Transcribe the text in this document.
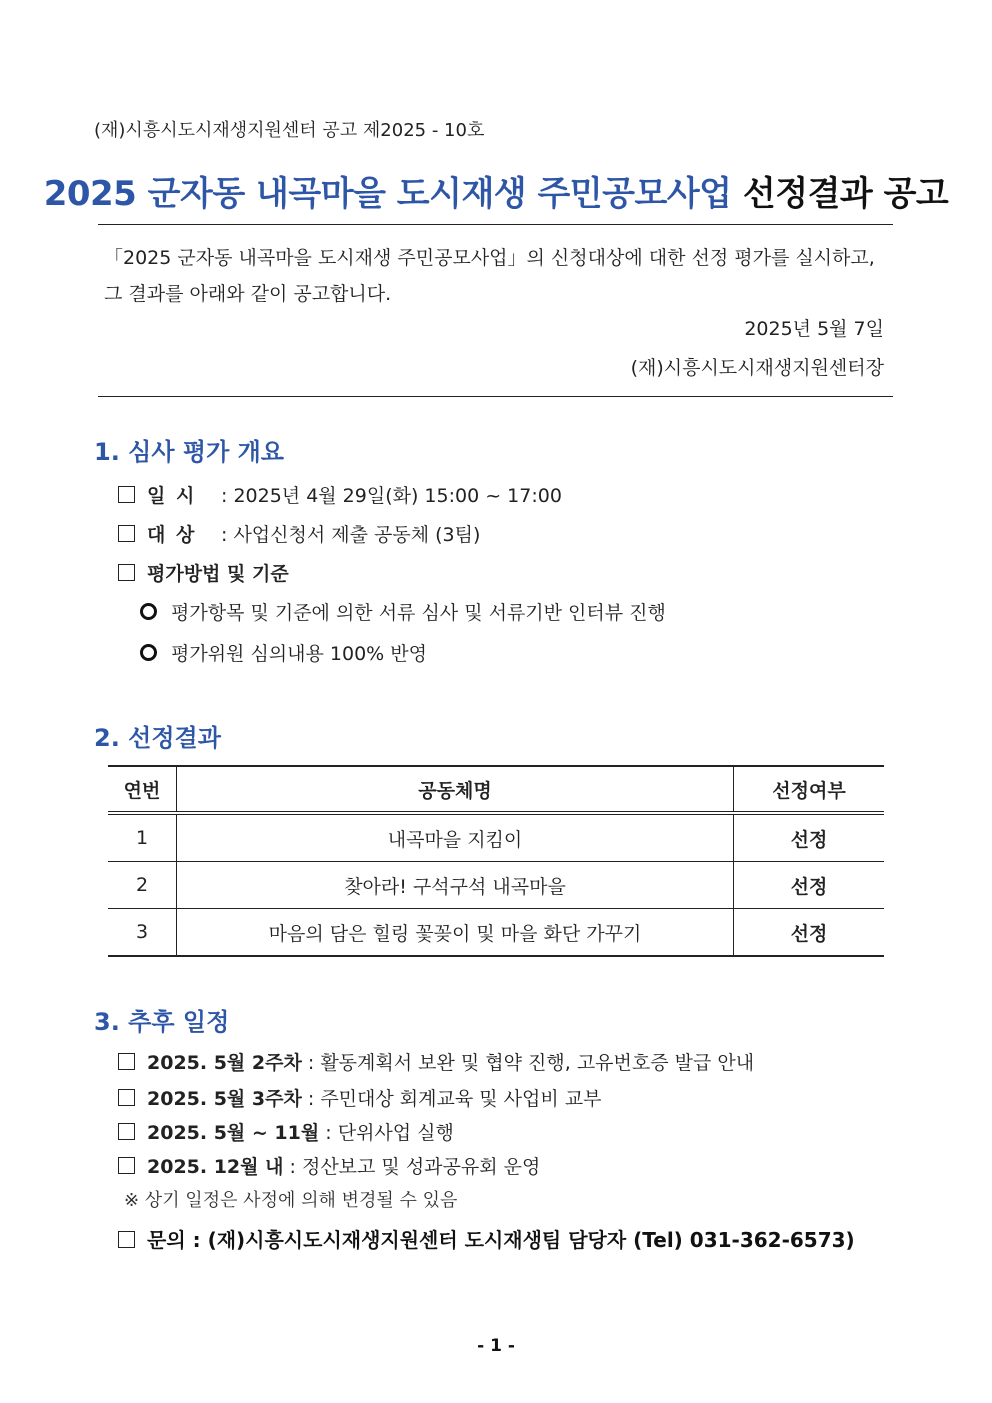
(재)시흥시도시재생지원센터 공고 제2025 - 10호
2025 군자동 내곡마을 도시재생 주민공모사업 선정결과 공고
「2025 군자동 내곡마을 도시재생 주민공모사업」의 신청대상에 대한 선정 평가를 실시하고, 그 결과를 아래와 같이 공고합니다.
2025년 5월 7일
(재)시흥시도시재생지원센터장
1. 심사 평가 개요
일 시 : 2025년 4월 29일(화) 15:00 ~ 17:00
대 상 : 사업신청서 제출 공동체 (3팀)
평가방법 및 기준
평가항목 및 기준에 의한 서류 심사 및 서류기반 인터뷰 진행
평가위원 심의내용 100% 반영
2. 선정결과
연번	공동체명	선정여부
1	내곡마을 지킴이	선정
2	찾아라! 구석구석 내곡마을	선정
3	마음의 담은 힐링 꽃꽂이 및 마을 화단 가꾸기	선정
3. 추후 일정
2025. 5월 2주차 : 활동계획서 보완 및 협약 진행, 고유번호증 발급 안내
2025. 5월 3주차 : 주민대상 회계교육 및 사업비 교부
2025. 5월 ~ 11월 : 단위사업 실행
2025. 12월 내 : 정산보고 및 성과공유회 운영
※ 상기 일정은 사정에 의해 변경될 수 있음
문의 : (재)시흥시도시재생지원센터 도시재생팀 담당자 (Tel) 031-362-6573)
- 1 -
